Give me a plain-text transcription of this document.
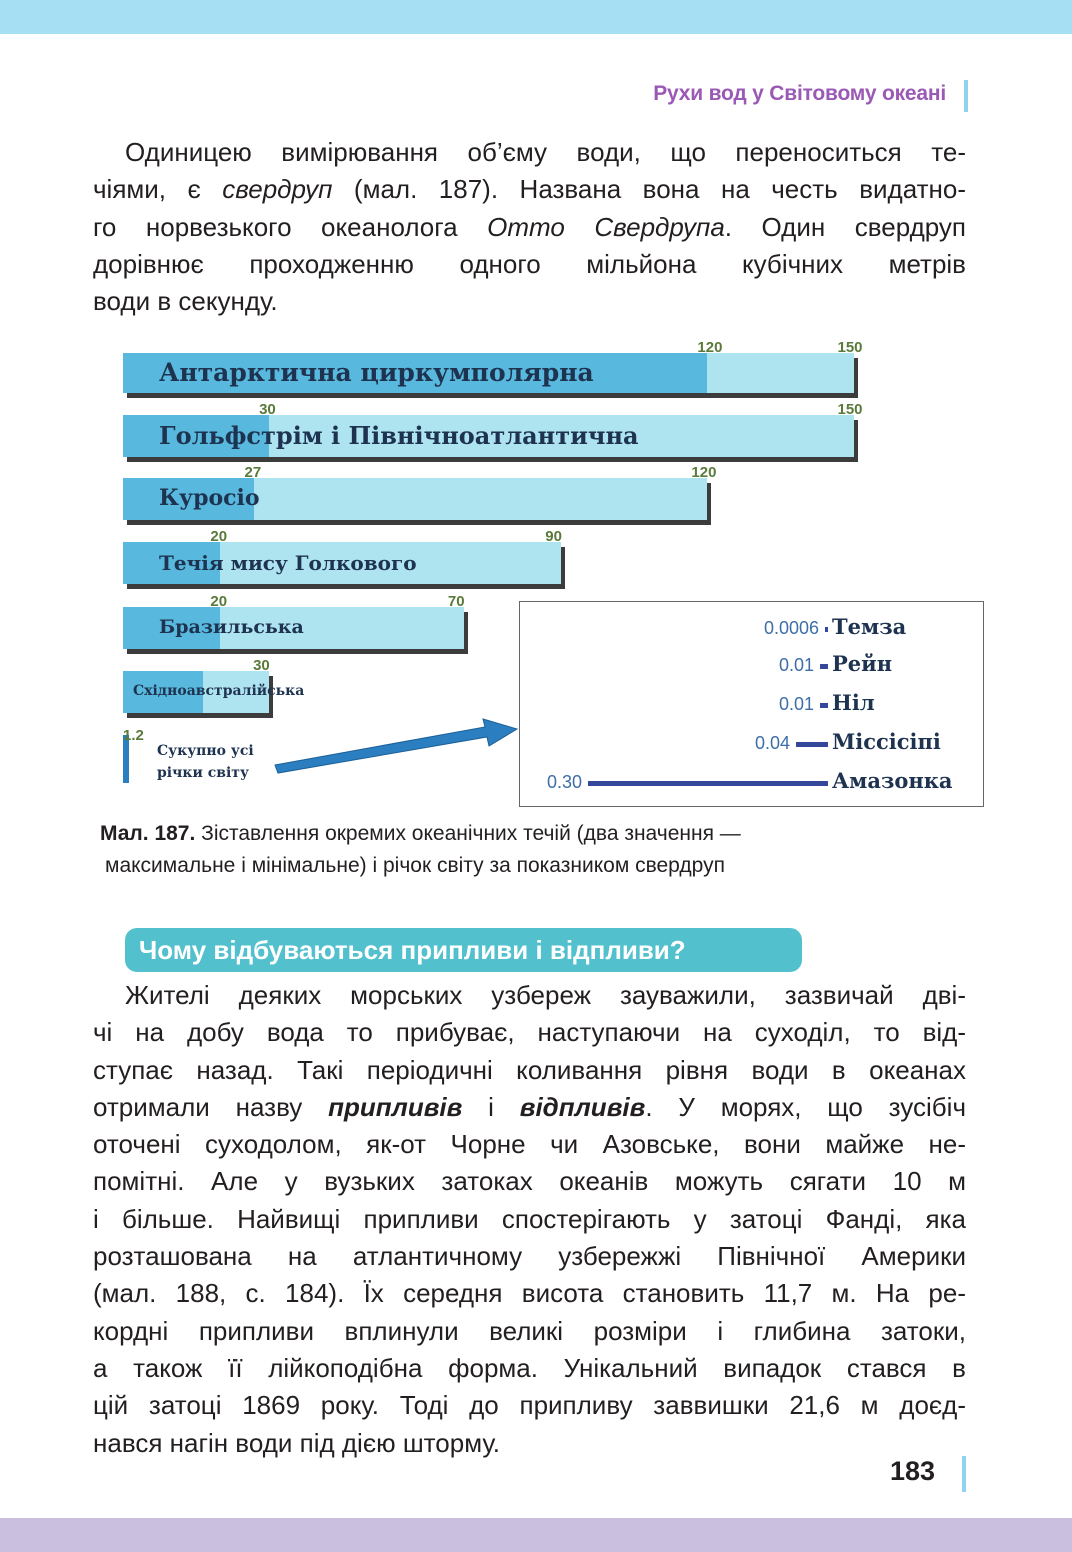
Рухи вод у Світовому океані

Одиницею вимірювання об’єму води, що переноситься те-
чіями, є свердруп (мал. 187). Названа вона на честь видатно-
го норвезького океанолога Отто Свердрупа. Один свердруп
дорівнює проходженню одного мільйона кубічних метрів
води в секунду.

0.0006 Темза
0.01 Рейн
0.01 Ніл
0.04 Міссісіпі
0.30	Амазонка
Антарктична циркумполярна
120	150
Гольфстрім і Північноатлантична
30	150
Куросіо
27	120
Течія мису Голкового
20	90
Бразильська
20	70
Східноавстралійська
30
1.2
Сукупно усі
річки світу
Мал. 187. Зіставлення окремих океанічних течій (два значення —
максимальне і мінімальне) і річок світу за показником свердруп
Чому відбуваються припливи і відпливи?

Жителі деяких морських узбереж зауважили, зазвичай дві-
чі на добу вода то прибуває, наступаючи на суходіл, то від-
ступає назад. Такі періодичні коливання рівня води в океанах
отримали назву припливів і відпливів. У морях, що зусібіч
оточені суходолом, як-от Чорне чи Азовське, вони майже не-
помітні. Але у вузьких затоках океанів можуть сягати 10 м
і більше. Найвищі припливи спостерігають у затоці Фанді, яка
розташована на атлантичному узбережжі Північної Америки
(мал. 188, с. 184). Їх середня висота становить 11,7 м. На ре-
кордні припливи вплинули великі розміри і глибина затоки,
а також її лійкоподібна форма. Унікальний випадок стався в
цій затоці 1869 року. Тоді до припливу заввишки 21,6 м доєд-
нався нагін води під дією шторму.

183
